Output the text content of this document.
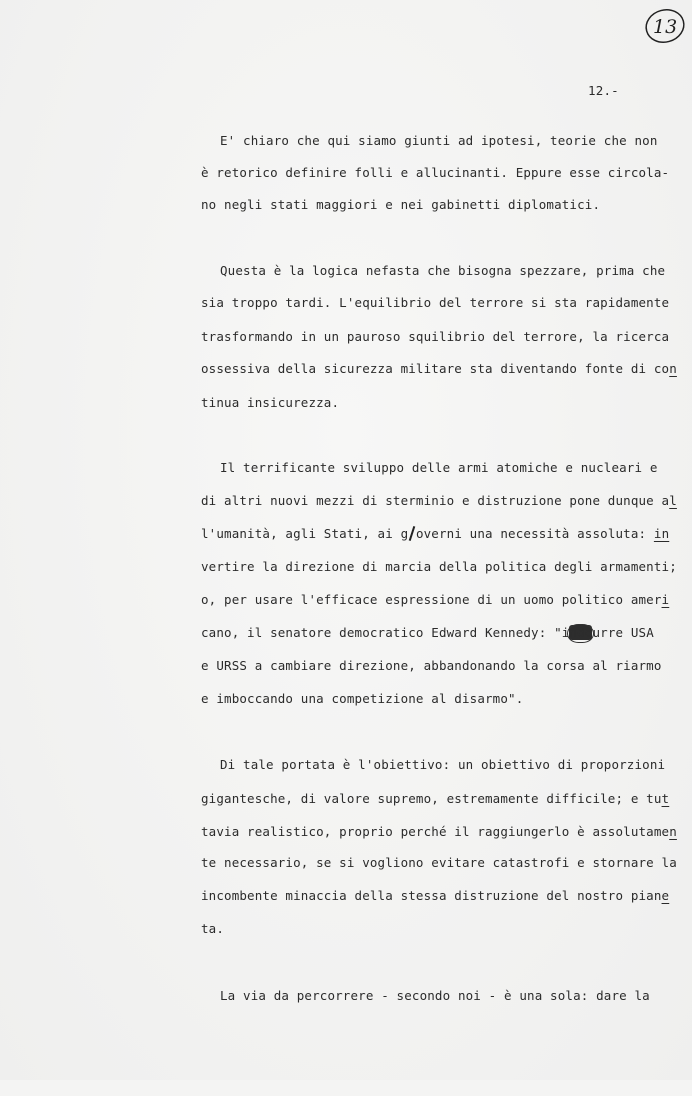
13
12.-
E' chiaro che qui siamo giunti ad ipotesi, teorie che non
è retorico definire folli e allucinanti. Eppure esse circola-
no negli stati maggiori e nei gabinetti diplomatici.
Questa è la logica nefasta che bisogna spezzare, prima che
sia troppo tardi. L'equilibrio del terrore si sta rapidamente
trasformando in un pauroso squilibrio del terrore, la ricerca
ossessiva della sicurezza militare sta diventando fonte di con
tinua insicurezza.
Il terrificante sviluppo delle armi atomiche e nucleari e
di altri nuovi mezzi di sterminio e distruzione pone dunque al
l'umanità, agli Stati, ai g overni una necessità assoluta: in
vertire la direzione di marcia della politica degli armamenti;
o, per usare l'efficace espressione di un uomo politico ameri
cano, il senatore democratico Edward Kennedy: "indourre USA
e URSS a cambiare direzione, abbandonando la corsa al riarmo
e imboccando una competizione al disarmo".
Di tale portata è l'obiettivo: un obiettivo di proporzioni
gigantesche, di valore supremo, estremamente difficile; e tut
tavia realistico, proprio perché il raggiungerlo è assolutamen
te necessario, se si vogliono evitare catastrofi e stornare la
incombente minaccia della stessa distruzione del nostro piane
ta.
La via da percorrere - secondo noi - è una sola: dare la
